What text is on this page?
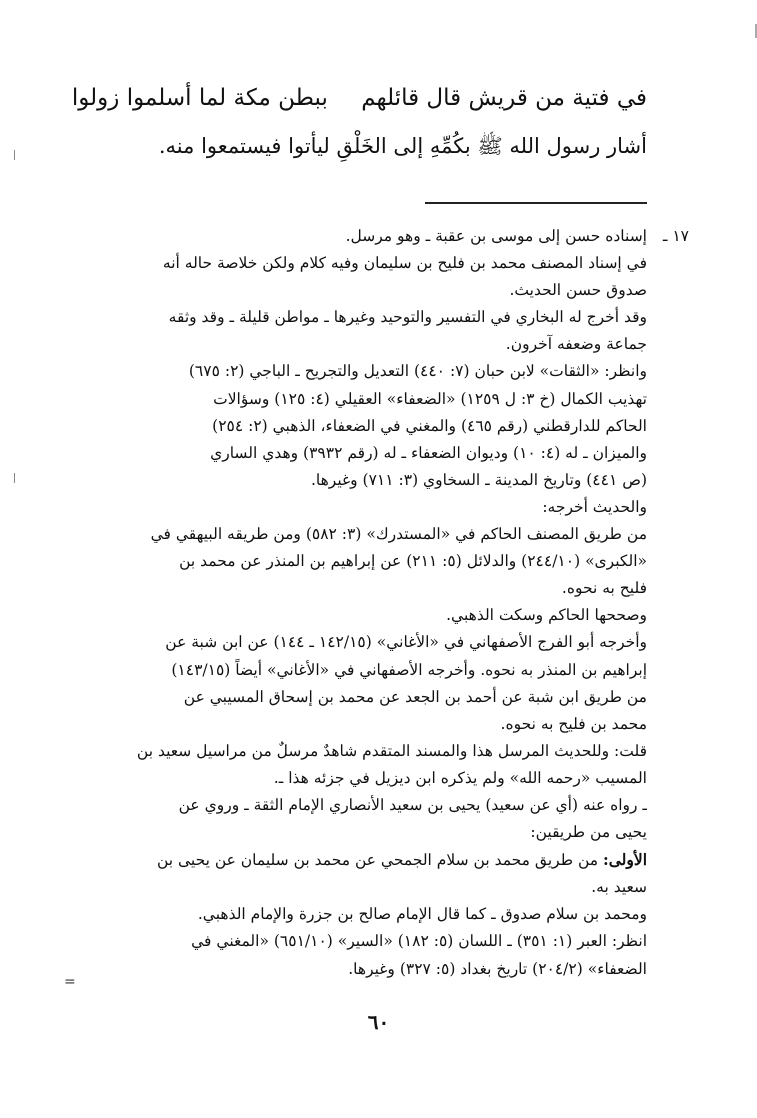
في فتية من قريش قال قائلهم ببطن مكة لما أسلموا زولوا
أشار رسول الله ﷺ بكُمِّهِ إلى الخَلْقِ ليأتوا فيستمعوا منه.
١٧ ـ
إسناده حسن إلى موسى بن عقبة ـ وهو مرسل.
في إسناد المصنف محمد بن فليح بن سليمان وفيه كلام ولكن خلاصة حاله أنه
صدوق حسن الحديث.
وقد أخرج له البخاري في التفسير والتوحيد وغيرها ـ مواطن قليلة ـ وقد وثقه
جماعة وضعفه آخرون.
وانظر: «الثقات» لابن حبان (٧: ٤٤٠) التعديل والتجريح ـ الباجي (٢: ٦٧٥)
تهذيب الكمال (خ ٣: ل ١٢٥٩) «الضعفاء» العقيلي (٤: ١٢٥) وسؤالات
الحاكم للدارقطني (رقم ٤٦٥) والمغني في الضعفاء، الذهبي (٢: ٢٥٤)
والميزان ـ له (٤: ١٠) وديوان الضعفاء ـ له (رقم ٣٩٣٢) وهدي الساري
(ص ٤٤١) وتاريخ المدينة ـ السخاوي (٣: ٧١١) وغيرها.
والحديث أخرجه:
من طريق المصنف الحاكم في «المستدرك» (٣: ٥٨٢) ومن طريقه البيهقي في
«الكبرى» (٢٤٤/١٠) والدلائل (٥: ٢١١) عن إبراهيم بن المنذر عن محمد بن
فليح به نحوه.
وصححها الحاكم وسكت الذهبي.
وأخرجه أبو الفرج الأصفهاني في «الأغاني» (١٤٢/١٥ ـ ١٤٤) عن ابن شبة عن
إبراهيم بن المنذر به نحوه. وأخرجه الأصفهاني في «الأغاني» أيضاً (١٤٣/١٥)
من طريق ابن شبة عن أحمد بن الجعد عن محمد بن إسحاق المسيبي عن
محمد بن فليح به نحوه.
قلت: وللحديث المرسل هذا والمسند المتقدم شاهدٌ مرسلٌ من مراسيل سعيد بن
المسيب «رحمه الله» ولم يذكره ابن ديزيل في جزئه هذا ـ.
ـ رواه عنه (أي عن سعيد) يحيى بن سعيد الأنصاري الإمام الثقة ـ وروي عن
يحيى من طريقين:
الأولى: من طريق محمد بن سلام الجمحي عن محمد بن سليمان عن يحيى بن
سعيد به.
ومحمد بن سلام صدوق ـ كما قال الإمام صالح بن جزرة والإمام الذهبي.
انظر: العبر (١: ٣٥١) ـ اللسان (٥: ١٨٢) «السير» (٦٥١/١٠) «المغني في
الضعفاء» (٢٠٤/٢) تاريخ بغداد (٥: ٣٢٧) وغيرها.
٦٠
=
